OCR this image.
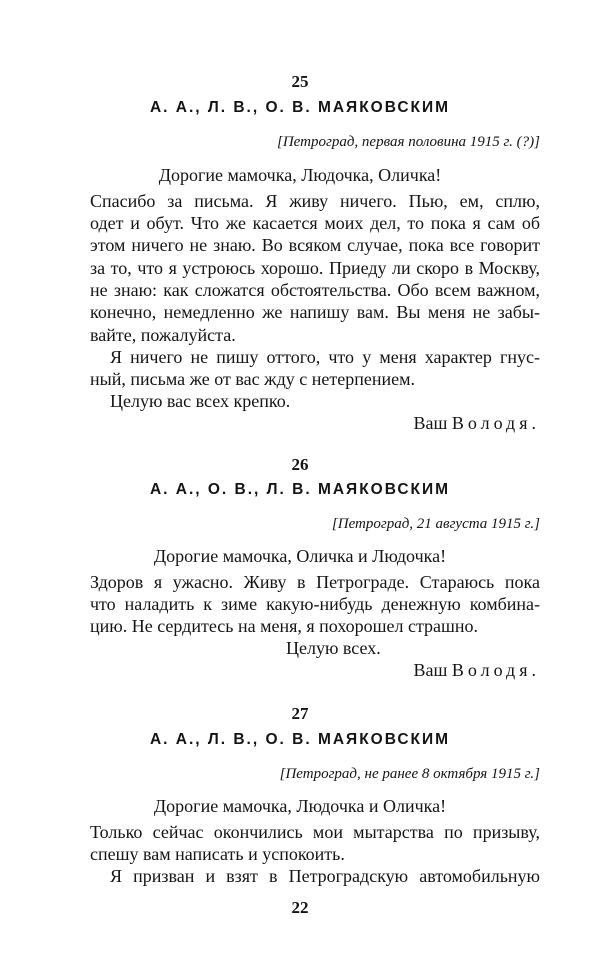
25
А. А., Л. В., О. В. МАЯКОВСКИМ
[Петроград, первая половина 1915 г. (?)]
Дорогие мамочка, Людочка, Оличка!
Спасибо за письма. Я живу ничего. Пью, ем, сплю,
одет и обут. Что же касается моих дел, то пока я сам об
этом ничего не знаю. Во всяком случае, пока все говорит
за то, что я устроюсь хорошо. Приеду ли скоро в Москву,
не знаю: как сложатся обстоятельства. Обо всем важном,
конечно, немедленно же напишу вам. Вы меня не забы-
вайте, пожалуйста.
Я ничего не пишу оттого, что у меня характер гнус-
ный, письма же от вас жду с нетерпением.
Целую вас всех крепко.
Ваш Володя.
26
А. А., О. В., Л. В. МАЯКОВСКИМ
[Петроград, 21 августа 1915 г.]
Дорогие мамочка, Оличка и Людочка!
Здоров я ужасно. Живу в Петрограде. Стараюсь пока
что наладить к зиме какую-нибудь денежную комбина-
цию. Не сердитесь на меня, я похорошел страшно.
Целую всех.
Ваш Володя.
27
А. А., Л. В., О. В. МАЯКОВСКИМ
[Петроград, не ранее 8 октября 1915 г.]
Дорогие мамочка, Людочка и Оличка!
Только сейчас окончились мои мытарства по призыву,
спешу вам написать и успокоить.
Я призван и взят в Петроградскую автомобильную
22
